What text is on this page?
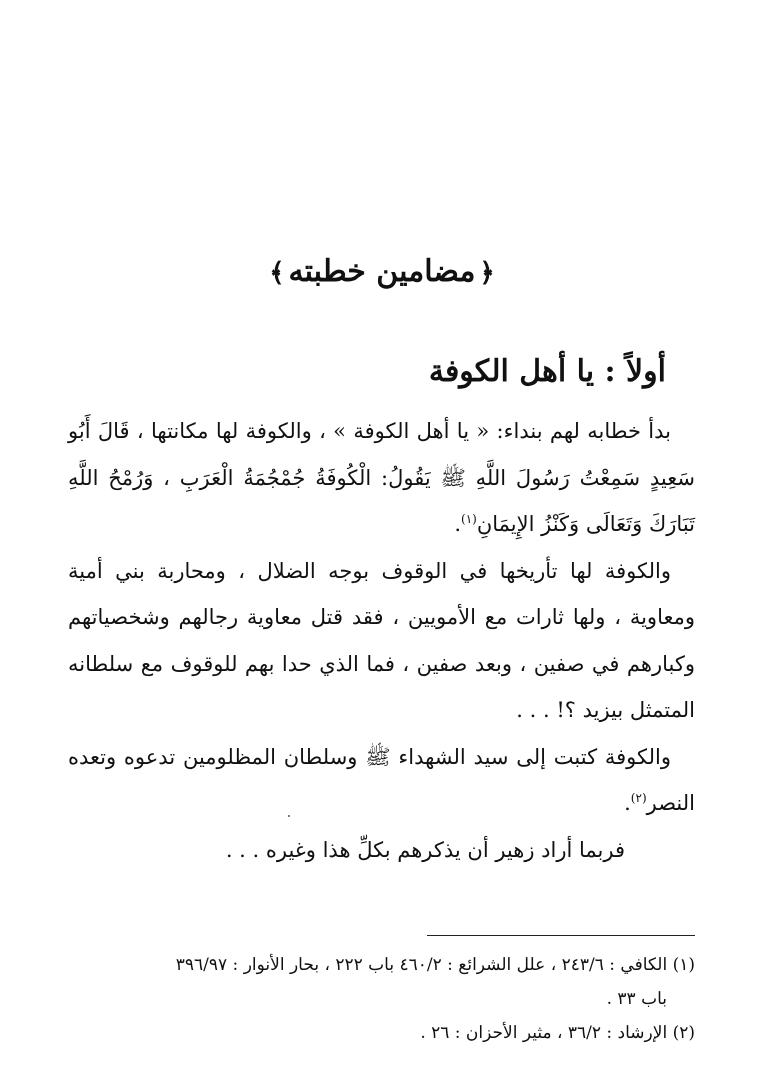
﴿مضامين خطبته﴾
أولاً : يا أهل الكوفة

بدأ خطابه لهم بنداء: « يا أهل الكوفة » ، والكوفة لها مكانتها ، قَالَ أَبُو سَعِيدٍ سَمِعْتُ رَسُولَ اللَّهِ ﷺ يَقُولُ: الْكُوفَةُ جُمْجُمَةُ الْعَرَبِ ، وَرُمْحُ اللَّهِ تَبَارَكَ وَتَعَالَى وَكَنْزُ الإِيمَانِ$^{(١)}$.

والكوفة لها تأريخها في الوقوف بوجه الضلال ، ومحاربة بني أمية ومعاوية ، ولها ثارات مع الأمويين ، فقد قتل معاوية رجالهم وشخصياتهم وكبارهم في صفين ، وبعد صفين ، فما الذي حدا بهم للوقوف مع سلطانه المتمثل بيزيد ؟! . . .

والكوفة كتبت إلى سيد الشهداء ﷺ وسلطان المظلومين تدعوه وتعده النصر$^{(٢)}$.

فربما أراد زهير أن يذكرهم بكلِّ هذا وغيره . . .

(١) الكافي : ٢٤٣/٦ ، علل الشرائع : ٤٦٠/٢ باب ٢٢٢ ، بحار الأنوار : ٣٩٦/٩٧

باب ٣٣ .

(٢) الإرشاد : ٣٦/٢ ، مثير الأحزان : ٢٦ .
